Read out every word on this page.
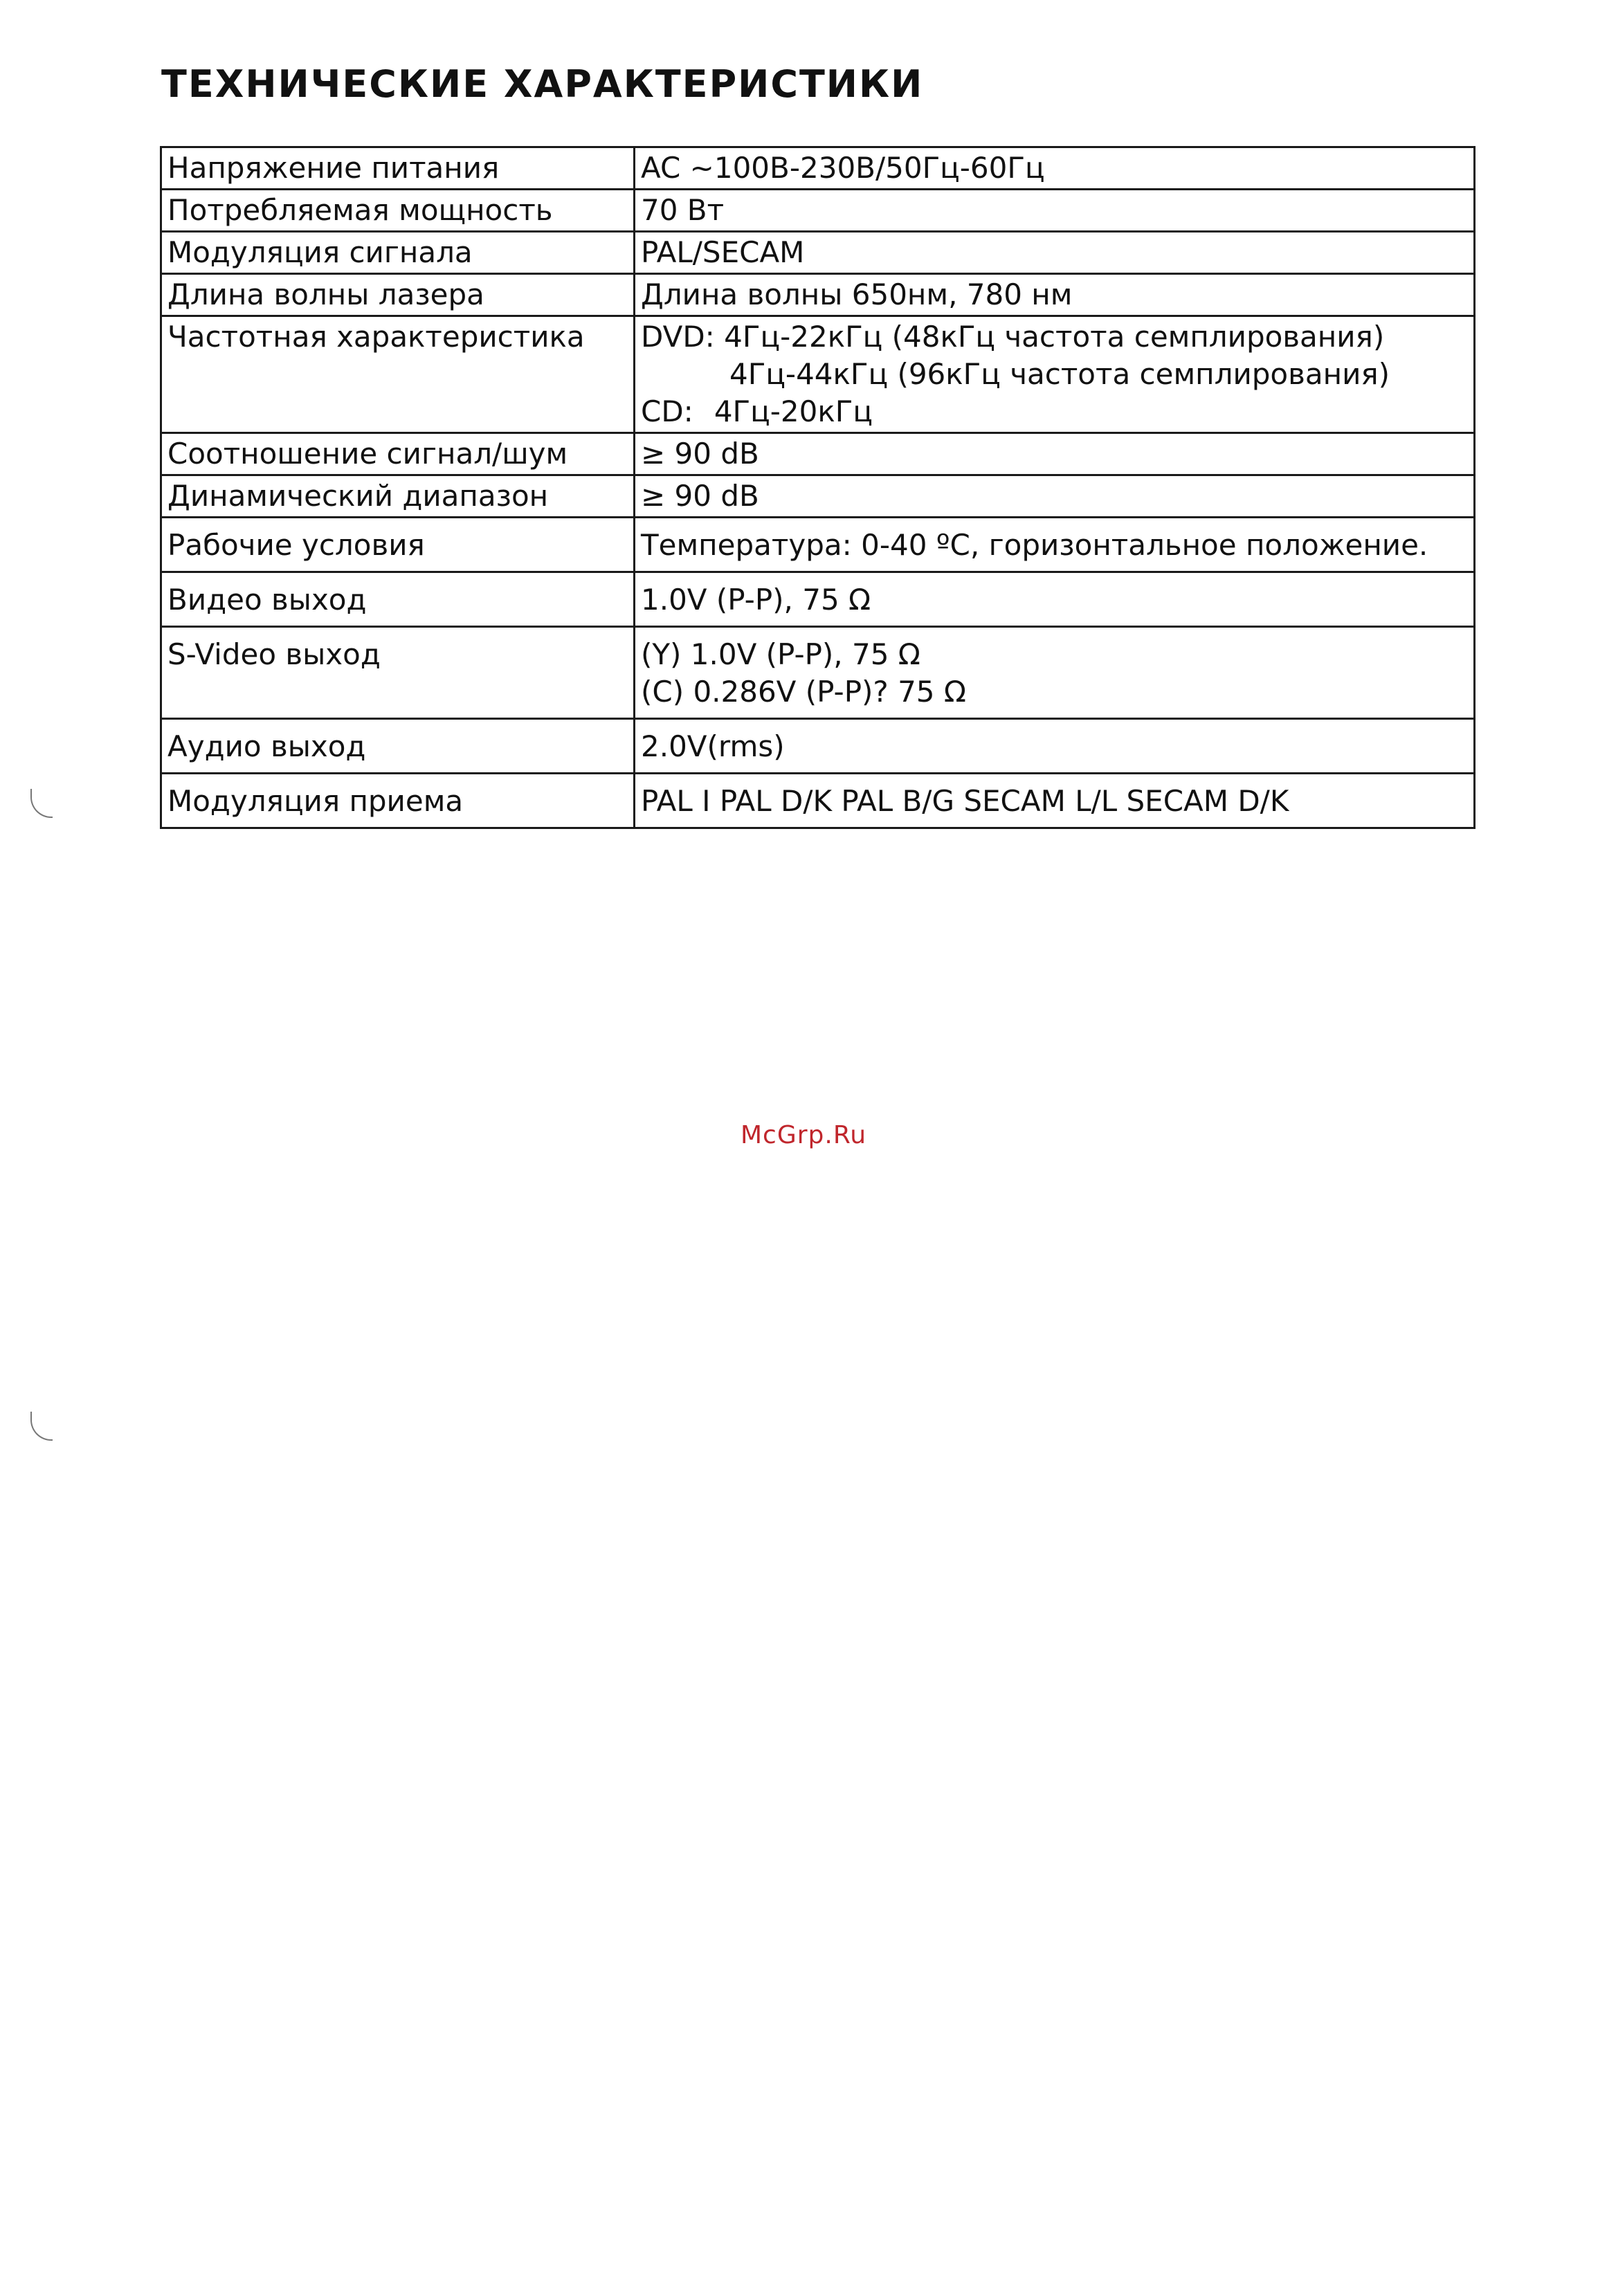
ТЕХНИЧЕСКИЕ ХАРАКТЕРИСТИКИ
Напряжение питания	AC ~100В-230В/50Гц-60Гц
Потребляемая мощность	70 Вт
Модуляция сигнала	PAL/SECAM
Длина волны лазера	Длина волны 650нм, 780 нм
Частотная характеристика	DVD: 4Гц-22кГц (48кГц частота семплирования)
4Гц-44кГц (96кГц частота семплирования)
CD: 4Гц-20кГц

Соотношение сигнал/шум	≥ 90 dB
Динамический диапазон	≥ 90 dB
Рабочие условия	Температура: 0-40 ºC, горизонтальное положение.
Видео выход	1.0V (P-P), 75 Ω
S-Video выход	(Y) 1.0V (P-P), 75 Ω
(C) 0.286V (P-P)? 75 Ω

Аудио выход	2.0V(rms)
Модуляция приема	PAL I PAL D/K PAL B/G SECAM L/L SECAM D/K
McGrp.Ru
